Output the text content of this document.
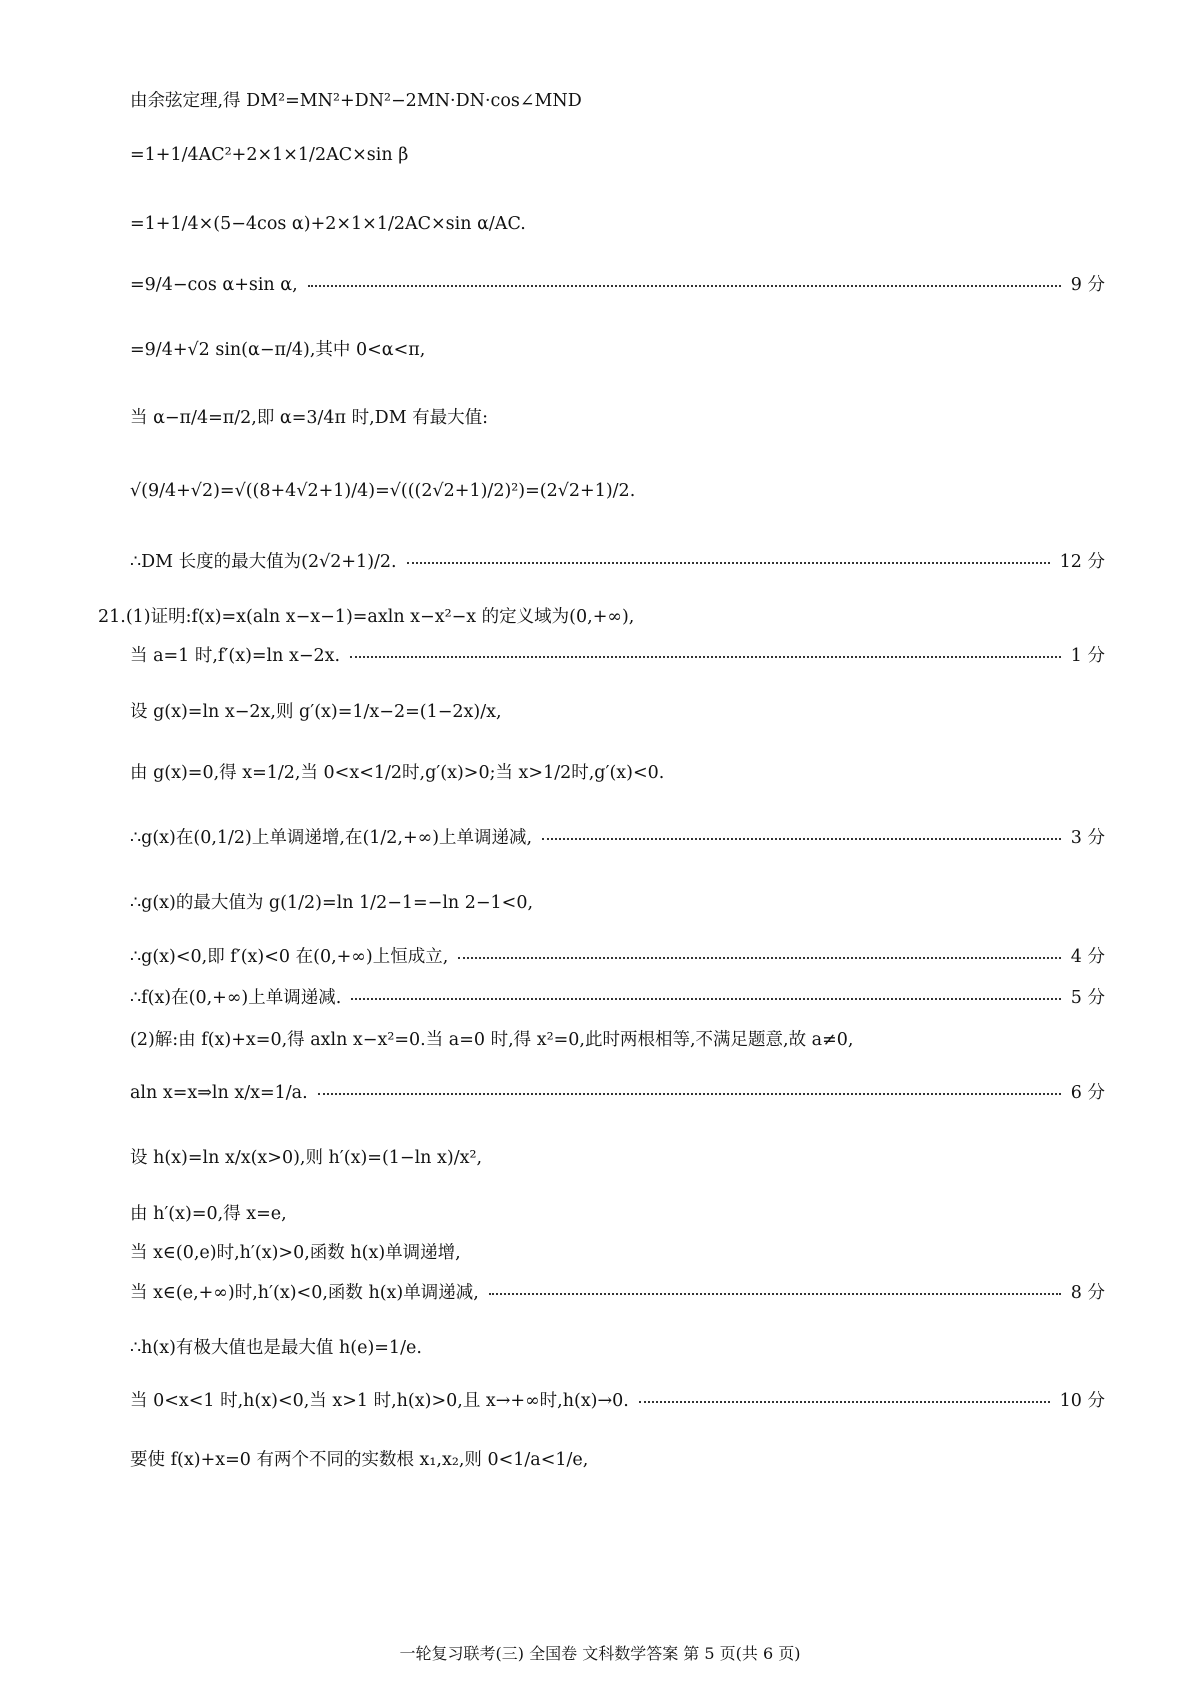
由余弦定理,得 DM²=MN²+DN²−2MN·DN·cos∠MND
=1+1/4AC²+2×1×1/2AC×sin β
=1+1/4×(5−4cos α)+2×1×1/2AC×sin α/AC.
=9/4−cos α+sin α,	9 分
=9/4+√2 sin(α−π/4),其中 0<α<π,
当 α−π/4=π/2,即 α=3/4π 时,DM 有最大值:
√(9/4+√2)=√((8+4√2+1)/4)=√(((2√2+1)/2)²)=(2√2+1)/2.
∴DM 长度的最大值为(2√2+1)/2.	12 分
21.(1)证明:f(x)=x(aln x−x−1)=axln x−x²−x 的定义域为(0,+∞),
当 a=1 时,f′(x)=ln x−2x.	1 分
设 g(x)=ln x−2x,则 g′(x)=1/x−2=(1−2x)/x,
由 g(x)=0,得 x=1/2,当 0<x<1/2时,g′(x)>0;当 x>1/2时,g′(x)<0.
∴g(x)在(0,1/2)上单调递增,在(1/2,+∞)上单调递减,	3 分
∴g(x)的最大值为 g(1/2)=ln 1/2−1=−ln 2−1<0,
∴g(x)<0,即 f′(x)<0 在(0,+∞)上恒成立,	4 分
∴f(x)在(0,+∞)上单调递减.	5 分
(2)解:由 f(x)+x=0,得 axln x−x²=0.当 a=0 时,得 x²=0,此时两根相等,不满足题意,故 a≠0,
aln x=x⇒ln x/x=1/a.	6 分
设 h(x)=ln x/x(x>0),则 h′(x)=(1−ln x)/x²,
由 h′(x)=0,得 x=e,
当 x∈(0,e)时,h′(x)>0,函数 h(x)单调递增,
当 x∈(e,+∞)时,h′(x)<0,函数 h(x)单调递减,	8 分
∴h(x)有极大值也是最大值 h(e)=1/e.
当 0<x<1 时,h(x)<0,当 x>1 时,h(x)>0,且 x→+∞时,h(x)→0.	10 分
要使 f(x)+x=0 有两个不同的实数根 x₁,x₂,则 0<1/a<1/e,
一轮复习联考(三) 全国卷 文科数学答案 第 5 页(共 6 页)
